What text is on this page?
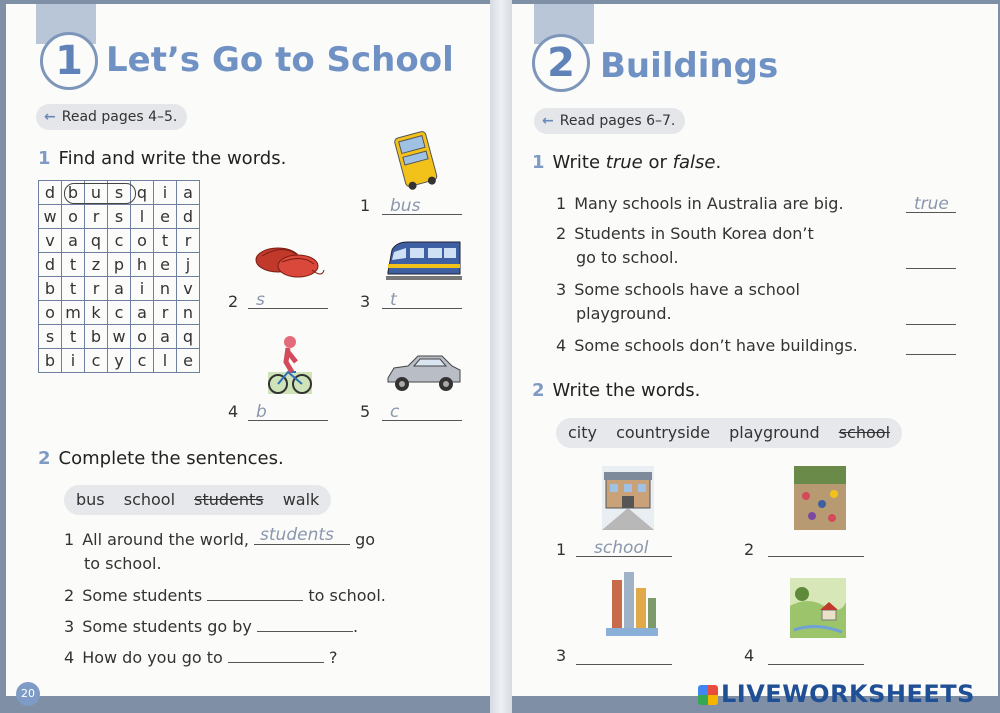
1 Let’s Go to School
← Read pages 4–5.
1 Find and write the words.
d	b	u	s	q	i	a
w	o	r	s	l	e	d
v	a	q	c	o	t	r
d	t	z	p	h	e	j
b	t	r	a	i	n	v
o	m	k	c	a	r	n
s	t	b	w	o	a	q
b	i	c	y	c	l	e
1 bus
2 s	3 t
4 b	5 c
2 Complete the sentences.
bus school students walk
1 All around the world, students go
to school.
2 Some students	to school.
3 Some students go by	.
4 How do you go to	?
20
2 Buildings
← Read pages 6–7.
1 Write true or false.
1 Many schools in Australia are big.	true
2 Students in South Korea don’t
go to school.
3 Some schools have a school
playground.
4 Some schools don’t have buildings.
2 Write the words.
city countryside playground school
1 school	2
3	4
LIVEWORKSHEETS
